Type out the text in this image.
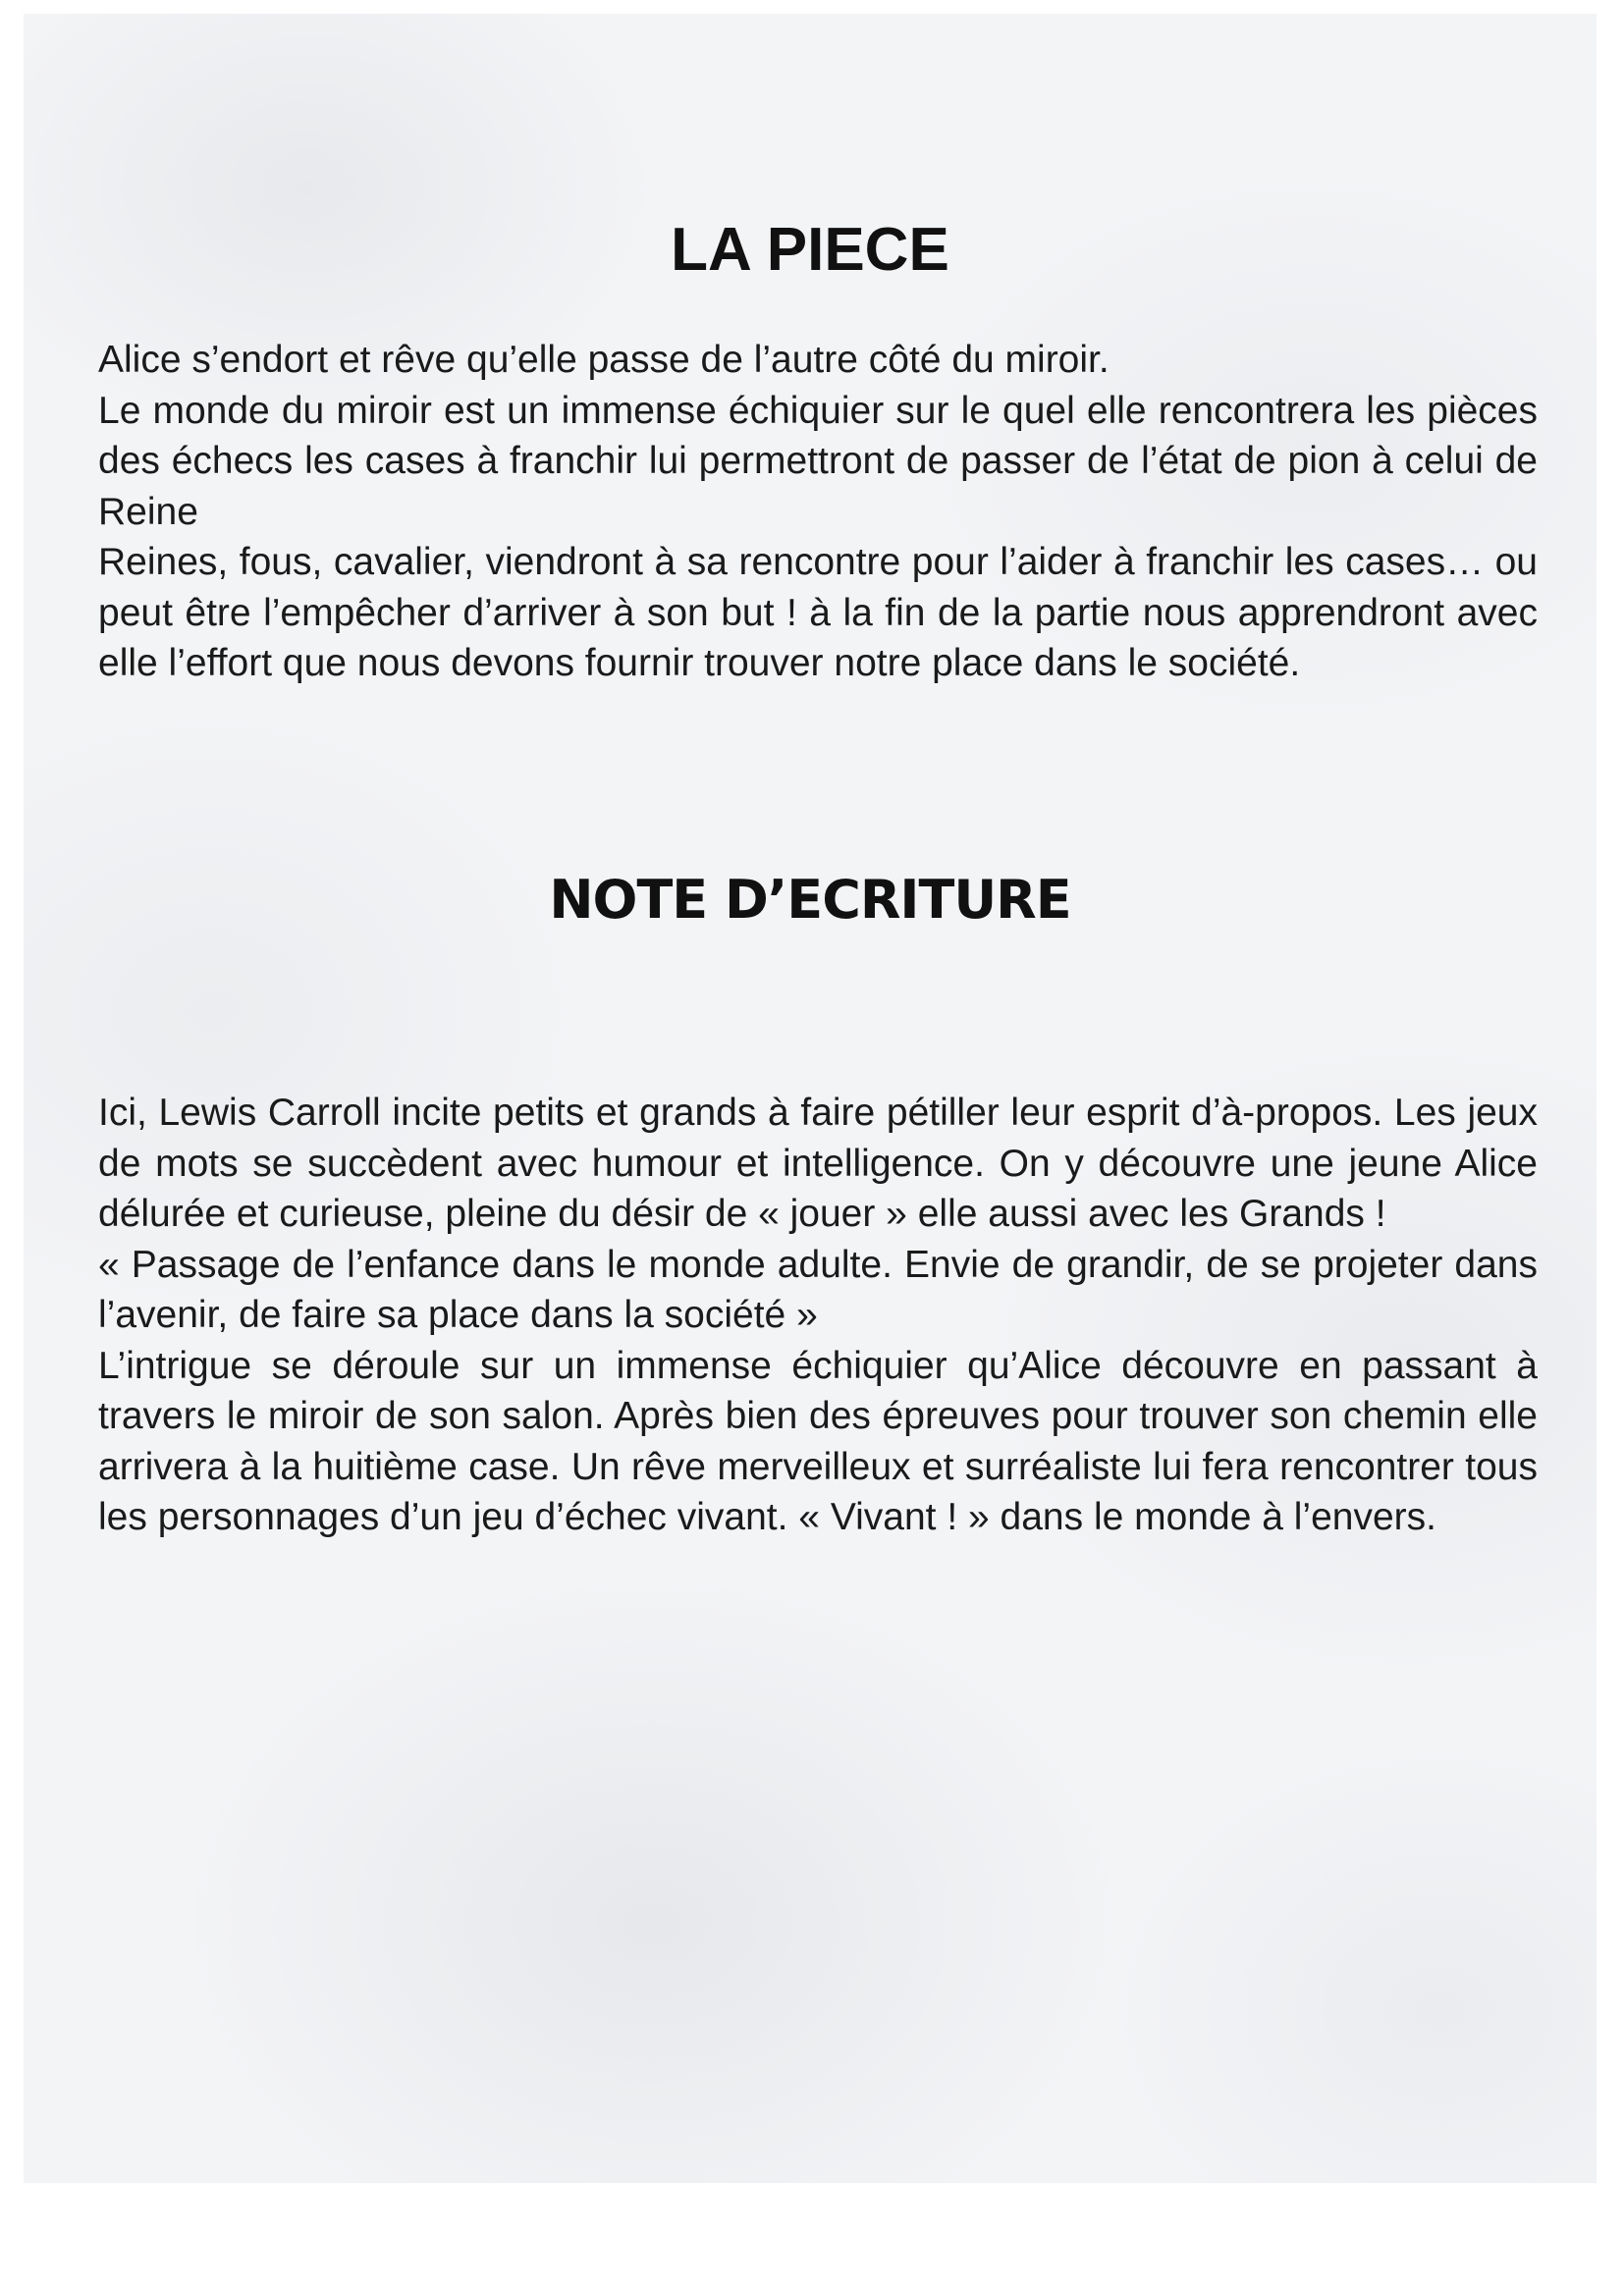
LA PIECE
Alice s’endort et rêve qu’elle passe de l’autre côté du miroir.
Le monde du miroir est un immense échiquier sur le quel elle rencontrera les pièces des échecs les cases à franchir lui permettront de passer de l’état de pion à celui de Reine
Reines, fous, cavalier, viendront à sa rencontre pour l’aider à franchir les cases… ou peut être l’empêcher d’arriver à son but ! à la fin de la partie nous apprendront avec elle l’effort que nous devons fournir trouver notre place dans le société.
NOTE D’ECRITURE
Ici, Lewis Carroll incite petits et grands à faire pétiller leur esprit d’à-propos. Les jeux de mots se succèdent avec humour et intelligence. On y découvre une jeune Alice délurée et curieuse, pleine du désir de « jouer » elle aussi avec les Grands !
« Passage de l’enfance dans le monde adulte. Envie de grandir, de se projeter dans l’avenir, de faire sa place dans la société »
L’intrigue se déroule sur un immense échiquier qu’Alice découvre en passant à travers le miroir de son salon. Après bien des épreuves pour trouver son chemin elle arrivera à la huitième case. Un rêve merveilleux et surréaliste lui fera rencontrer tous les personnages d’un jeu d’échec vivant. « Vivant ! » dans le monde à l’envers.
